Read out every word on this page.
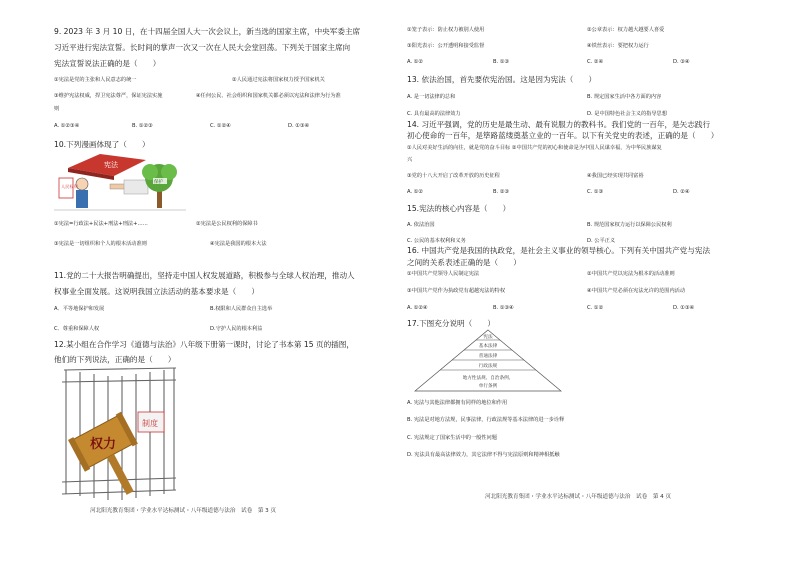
9. 2023 年 3 月 10 日，在十四届全国人大一次会议上，新当选的国家主席，中央军委主席
习近平进行宪法宣誓。长时间的掌声一次又一次在人民大会堂回荡。下列关于国家主席向
宪法宣誓说法正确的是（　　）
①宪法是党的主张和人民意志的统一	②人民通过宪法将国家权力授予国家机关
③维护宪法权威，捍卫宪法尊严，保证宪法实施	④任何公民、社会组织和国家机关都必须以宪法和法律为行为准
则
A. ①②③④	B. ①②③	C. ①②④	D. ①③④
10.下列漫画体现了（　　）
宪法
人民权利
保护
①宪法=行政法+民法+刑法+刑法+……	②宪法是公民权利的保障书
③宪法是一切组织和个人的根本活动准则	④宪法是我国的根本大法
11.党的二十大报告明确提出，坚持走中国人权发展道路，积极参与全球人权治理，推动人
权事业全面发展。这说明我国立法活动的基本要求是（　　）
A．平等地保护和发展	B.权限和人民群众自主选举
C．尊重和保障人权	D.守护人民的根本利益
12.某小组在合作学习《道德与法治》八年级下册第一课时，讨论了书本第 15 页的插图，
他们的下列说法，正确的是（　　）
权力
制度
河北阳光教育集团・学业水平达标测试・八年级道德与法治　试卷　第 3 页
①笼子表示：防止权力被别人使用	②公章表示：权力越大越要人喜爱
③阳光表示：公开透明和接受监督	④铁丝表示：要把权力运行
A. ①②	B. ①③	C. ②④	D. ③④
13. 依法治国，首先要依宪治国。这是因为宪法（　　）
A. 是一切法律的总和	B. 规定国家生活中各方面的内容
C. 具有最高的法律效力	D. 是中国特色社会主义的指导思想
14. 习近平强调，党的历史是最生动、最有说服力的教科书。我们党的一百年，是矢志践行
初心使命的一百年，是筚路蓝缕奠基立业的一百年。以下有关党史的表述，正确的是（　　）
①人民对美好生活的向往，就是党的奋斗目标 ②中国共产党的初心和使命是为中国人民谋幸福，为中华民族谋复
兴
③党的十八大开启了改革开放的历史征程	④我国已经实现共同富裕
A. ①②	B. ②③	C. ①③	D. ②④
15.宪法的核心内容是（　　）
A. 依法治国	B. 规范国家权力运行以保障公民权利
C. 公民的基本权利和义务	D. 公平正义
16. 中国共产党是我国的执政党，是社会主义事业的领导核心。下列有关中国共产党与宪法
之间的关系表述正确的是（　　）
①中国共产党领导人民制定宪法	②中国共产党以宪法为根本的活动准则
③中国共产党作为执政党有超越宪法的特权	④中国共产党必须在宪法允许的范围内活动
A. ①②④	B. ①③④	C. ①②	D. ①③④
17.下图充分说明（　　）
宪法
基本法律
普通法律
行政法规
地方性法规、自治条例、
单行条例
A. 宪法与其他法律都拥有同样的地位和作用
B. 宪法是对地方法规，民事法律，行政法规等基本法律的进一步诠释
C. 宪法规定了国家生活中的一般性问题
D. 宪法具有最高法律效力，其它法律不得与宪法原则和精神相抵触
河北阳光教育集团・学业水平达标测试・八年级道德与法治　试卷　第 4 页
